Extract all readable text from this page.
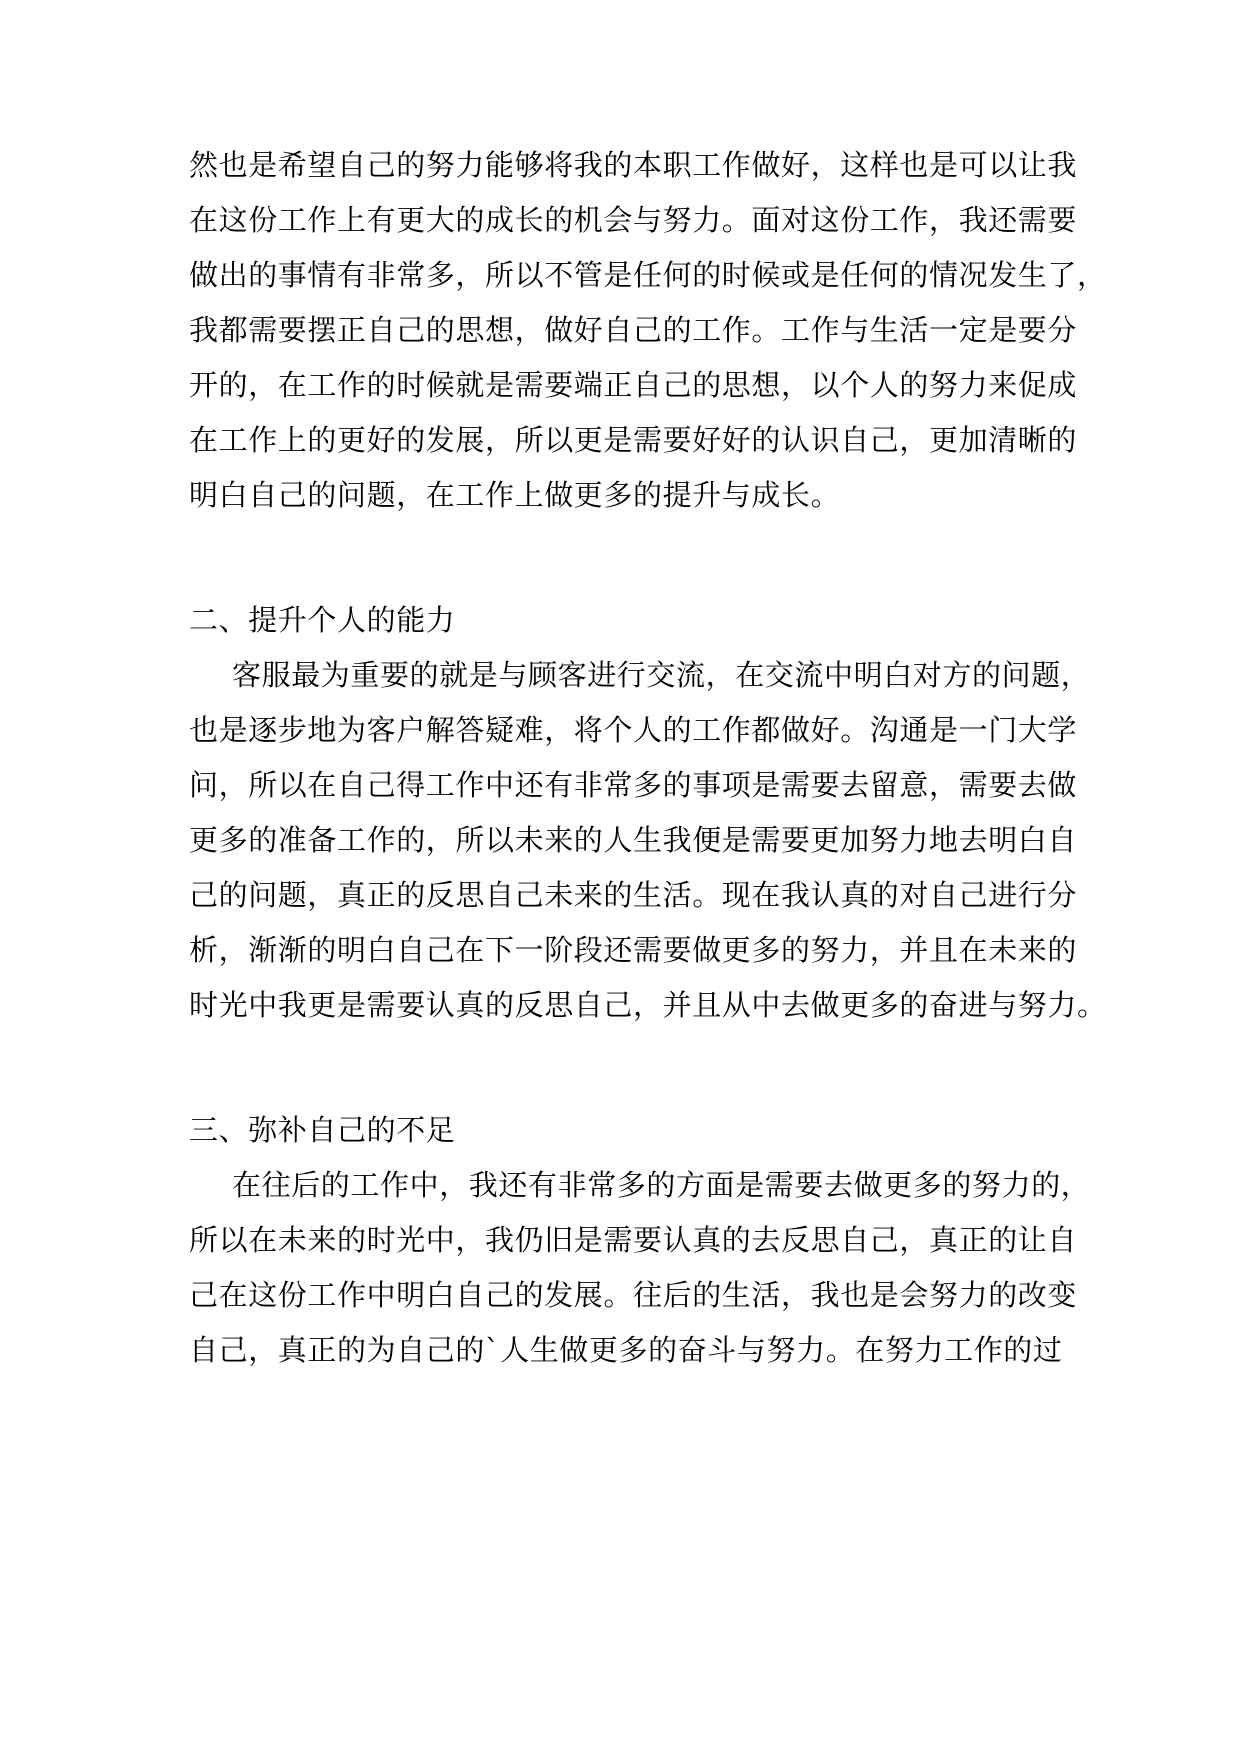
然也是希望自己的努力能够将我的本职工作做好，这样也是可以让我
在这份工作上有更大的成长的机会与努力。面对这份工作，我还需要
做出的事情有非常多，所以不管是任何的时候或是任何的情况发生了，
我都需要摆正自己的思想，做好自己的工作。工作与生活一定是要分
开的，在工作的时候就是需要端正自己的思想，以个人的努力来促成
在工作上的更好的发展，所以更是需要好好的认识自己，更加清晰的
明白自己的问题，在工作上做更多的提升与成长。
二、提升个人的能力
客服最为重要的就是与顾客进行交流，在交流中明白对方的问题，
也是逐步地为客户解答疑难，将个人的工作都做好。沟通是一门大学
问，所以在自己得工作中还有非常多的事项是需要去留意，需要去做
更多的准备工作的，所以未来的人生我便是需要更加努力地去明白自
己的问题，真正的反思自己未来的生活。现在我认真的对自己进行分
析，渐渐的明白自己在下一阶段还需要做更多的努力，并且在未来的
时光中我更是需要认真的反思自己，并且从中去做更多的奋进与努力。
三、弥补自己的不足
在往后的工作中，我还有非常多的方面是需要去做更多的努力的，
所以在未来的时光中，我仍旧是需要认真的去反思自己，真正的让自
己在这份工作中明白自己的发展。往后的生活，我也是会努力的改变
自己，真正的为自己的`人生做更多的奋斗与努力。在努力工作的过
